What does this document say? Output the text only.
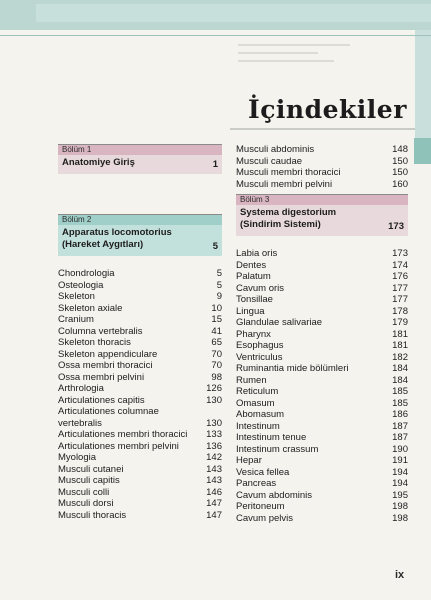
İçindekiler
Bölüm 1
Anatomiye Giriş	1
Bölüm 2
Apparatus locomotorius
(Hareket Aygıtları)	5
Chondrologia	5
Osteologia	5
Skeleton	9
Skeleton axiale	10
Cranium	15
Columna vertebralis	41
Skeleton thoracis	65
Skeleton appendiculare	70
Ossa membri thoracici	70
Ossa membri pelvini	98
Arthrologia	126
Articulationes capitis	130
Articulationes columnae vertebralis	130
Articulationes membri thoracici 133
Articulationes membri pelvini	136
Myologia	142
Musculi cutanei	143
Musculi capitis	143
Musculi colli	146
Musculi dorsi	147
Musculi thoracis	147
Musculi abdominis	148
Musculi caudae	150
Musculi membri thoracici	150
Musculi membri pelvini	160
Bölüm 3
Systema digestorium
(Sindirim Sistemi)	173
Labia oris	173
Dentes	174
Palatum	176
Cavum oris	177
Tonsillae	177
Lingua	178
Glandulae salivariae	179
Pharynx	181
Esophagus	181
Ventriculus	182
Ruminantia mide bölümleri	184
Rumen	184
Reticulum	185
Omasum	185
Abomasum	186
Intestinum	187
Intestinum tenue	187
Intestinum crassum	190
Hepar	191
Vesica fellea	194
Pancreas	194
Cavum abdominis	195
Peritoneum	198
Cavum pelvis	198
ix
